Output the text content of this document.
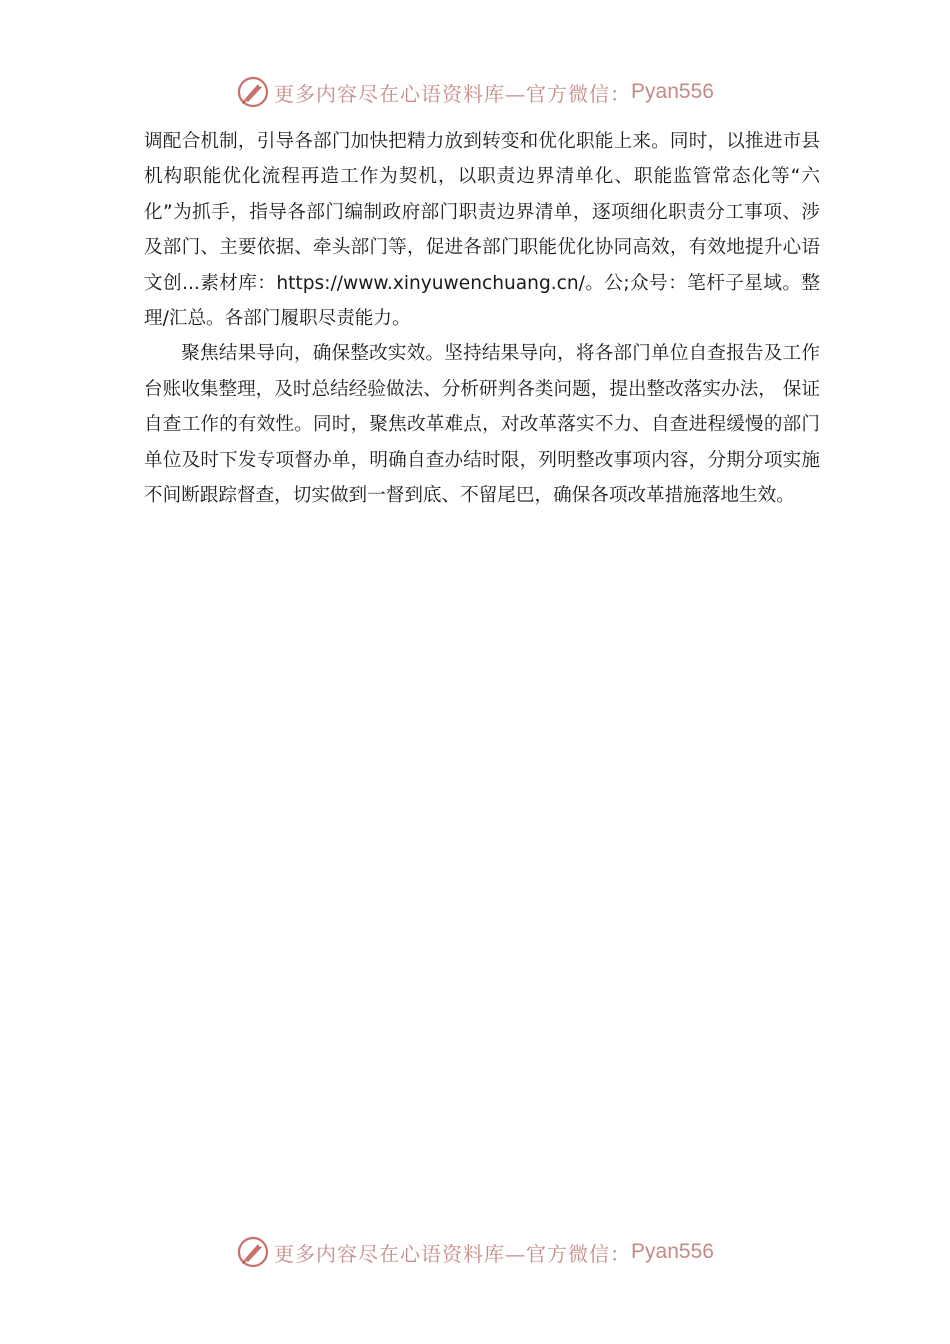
更多内容尽在心语资料库—官方微信： Pyan556

调配合机制，引导各部门加快把精力放到转变和优化职能上来。同时，以推进市县机构职能优化流程再造工作为契机，以职责边界清单化、职能监管常态化等“六化”为抓手，指导各部门编制政府部门职责边界清单，逐项细化职责分工事项、涉及部门、主要依据、牵头部门等，促进各部门职能优化协同高效，有效地提升心语文创...素材库：https://www.xinyuwenchuang.cn/。公;众号：笔杆子星域。整理/汇总。各部门履职尽责能力。

聚焦结果导向，确保整改实效。坚持结果导向，将各部门单位自查报告及工作台账收集整理，及时总结经验做法、分析研判各类问题，提出整改落实办法， 保证自查工作的有效性。同时，聚焦改革难点，对改革落实不力、自查进程缓慢的部门单位及时下发专项督办单，明确自查办结时限，列明整改事项内容，分期分项实施不间断跟踪督查，切实做到一督到底、不留尾巴，确保各项改革措施落地生效。

更多内容尽在心语资料库—官方微信： Pyan556
